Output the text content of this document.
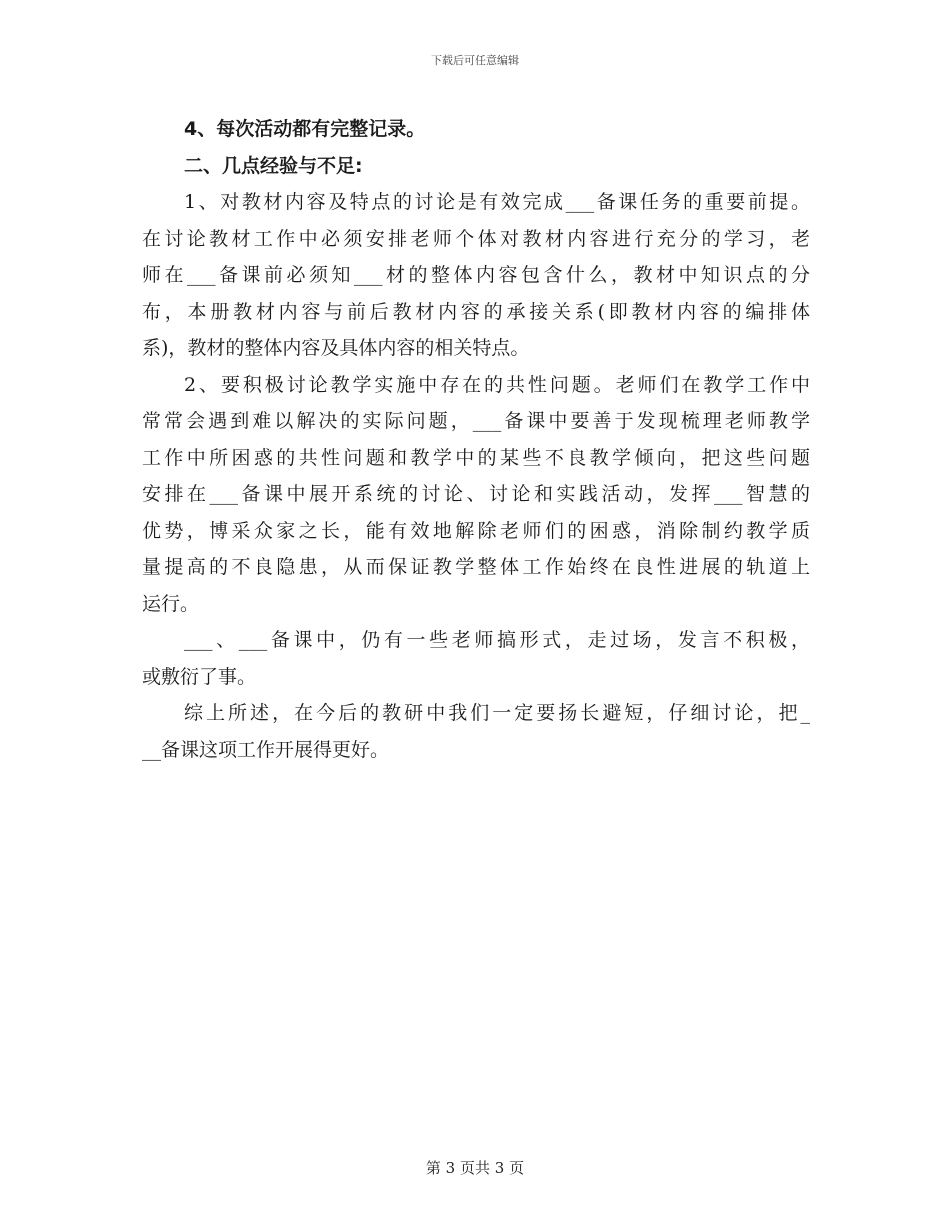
下载后可任意编辑
4、每次活动都有完整记录。
二、几点经验与不足:
1、对教材内容及特点的讨论是有效完成___备课任务的重要前提。
在讨论教材工作中必须安排老师个体对教材内容进行充分的学习，老
师在___备课前必须知___材的整体内容包含什么，教材中知识点的分
布，本册教材内容与前后教材内容的承接关系(即教材内容的编排体
系)，教材的整体内容及具体内容的相关特点。
2、要积极讨论教学实施中存在的共性问题。老师们在教学工作中
常常会遇到难以解决的实际问题，___备课中要善于发现梳理老师教学
工作中所困惑的共性问题和教学中的某些不良教学倾向，把这些问题
安排在___备课中展开系统的讨论、讨论和实践活动，发挥___智慧的
优势，博采众家之长，能有效地解除老师们的困惑，消除制约教学质
量提高的不良隐患，从而保证教学整体工作始终在良性进展的轨道上
运行。
___、___备课中，仍有一些老师搞形式，走过场，发言不积极，
或敷衍了事。
综上所述，在今后的教研中我们一定要扬长避短，仔细讨论，把_
__备课这项工作开展得更好。
第 3 页共 3 页
